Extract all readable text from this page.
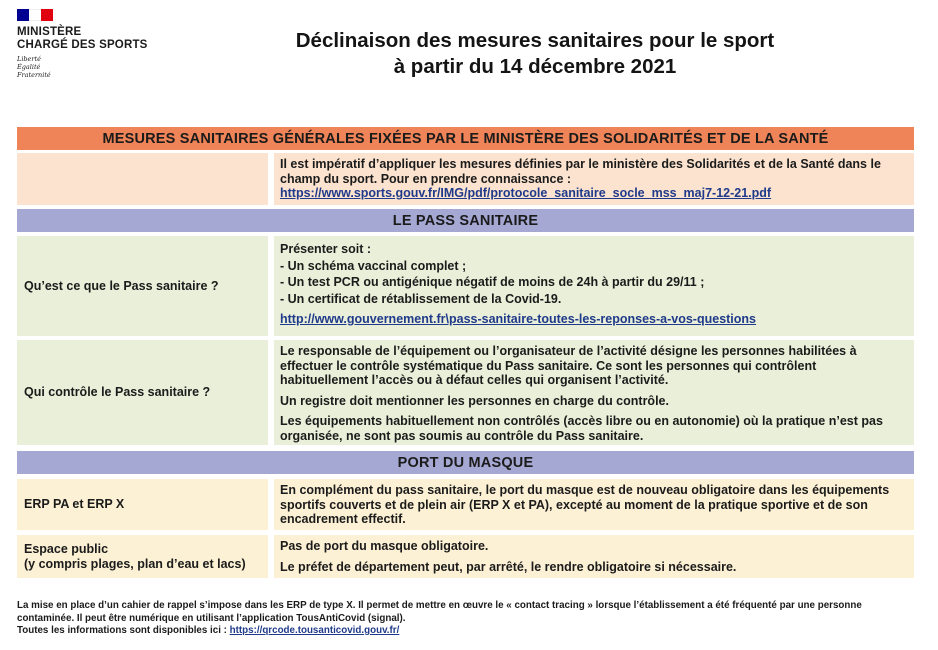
MINISTÈRE
CHARGÉ DES SPORTS
Liberté
Égalité
Fraternité
Déclinaison des mesures sanitaires pour le sport
à partir du 14 décembre 2021
MESURES SANITAIRES GÉNÉRALES FIXÉES PAR LE MINISTÈRE DES SOLIDARITÉS ET DE LA SANTÉ

Il est impératif d’appliquer les mesures définies par le ministère des Solidarités et de la Santé dans le champ du sport. Pour en prendre connaissance :

https://www.sports.gouv.fr/IMG/pdf/protocole_sanitaire_socle_mss_maj7-12-21.pdf

LE PASS SANITAIRE
Qu’est ce que le Pass sanitaire ?

Présenter soit :

- Un schéma vaccinal complet ;

- Un test PCR ou antigénique négatif de moins de 24h à partir du 29/11 ;

- Un certificat de rétablissement de la Covid-19.

http://www.gouvernement.fr\pass-sanitaire-toutes-les-reponses-a-vos-questions

Qui contrôle le Pass sanitaire ?

Le responsable de l’équipement ou l’organisateur de l’activité désigne les personnes habilitées à effectuer le contrôle systématique du Pass sanitaire. Ce sont les personnes qui contrôlent habituellement l’accès ou à défaut celles qui organisent l’activité.

Un registre doit mentionner les personnes en charge du contrôle.

Les équipements habituellement non contrôlés (accès libre ou en autonomie) où la pratique n’est pas organisée, ne sont pas soumis au contrôle du Pass sanitaire.

PORT DU MASQUE
ERP PA et ERP X
En complément du pass sanitaire, le port du masque est de nouveau obligatoire dans les équipements sportifs couverts et de plein air (ERP X et PA), excepté au moment de la pratique sportive et de son encadrement effectif.
Espace public
(y compris plages, plan d’eau et lacs)

Pas de port du masque obligatoire.

Le préfet de département peut, par arrêté, le rendre obligatoire si nécessaire.

La mise en place d’un cahier de rappel s’impose dans les ERP de type X. Il permet de mettre en œuvre le « contact tracing » lorsque l’établissement a été fréquenté par une personne contaminée. Il peut être numérique en utilisant l’application TousAntiCovid (signal).

Toutes les informations sont disponibles ici : https://qrcode.tousanticovid.gouv.fr/
